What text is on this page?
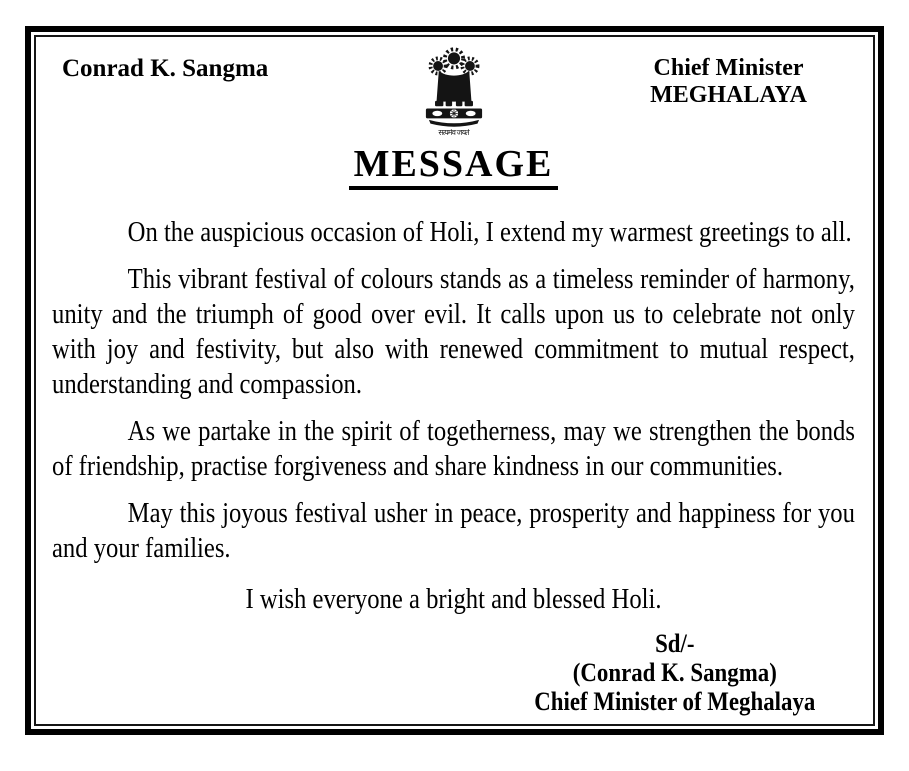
Conrad K. Sangma
सत्यमेव जयते
Chief Minister
MEGHALAYA
MESSAGE

On the auspicious occasion of Holi, I extend my warmest greetings to all.

This vibrant festival of colours stands as a timeless reminder of harmony, unity and the triumph of good over evil. It calls upon us to celebrate not only with joy and festivity, but also with renewed commitment to mutual respect, understanding and compassion.

As we partake in the spirit of togetherness, may we strengthen the bonds of friendship, practise forgiveness and share kindness in our communities.

May this joyous festival usher in peace, prosperity and happiness for you and your families.

I wish everyone a bright and blessed Holi.

Sd/-
(Conrad K. Sangma)
Chief Minister of Meghalaya
